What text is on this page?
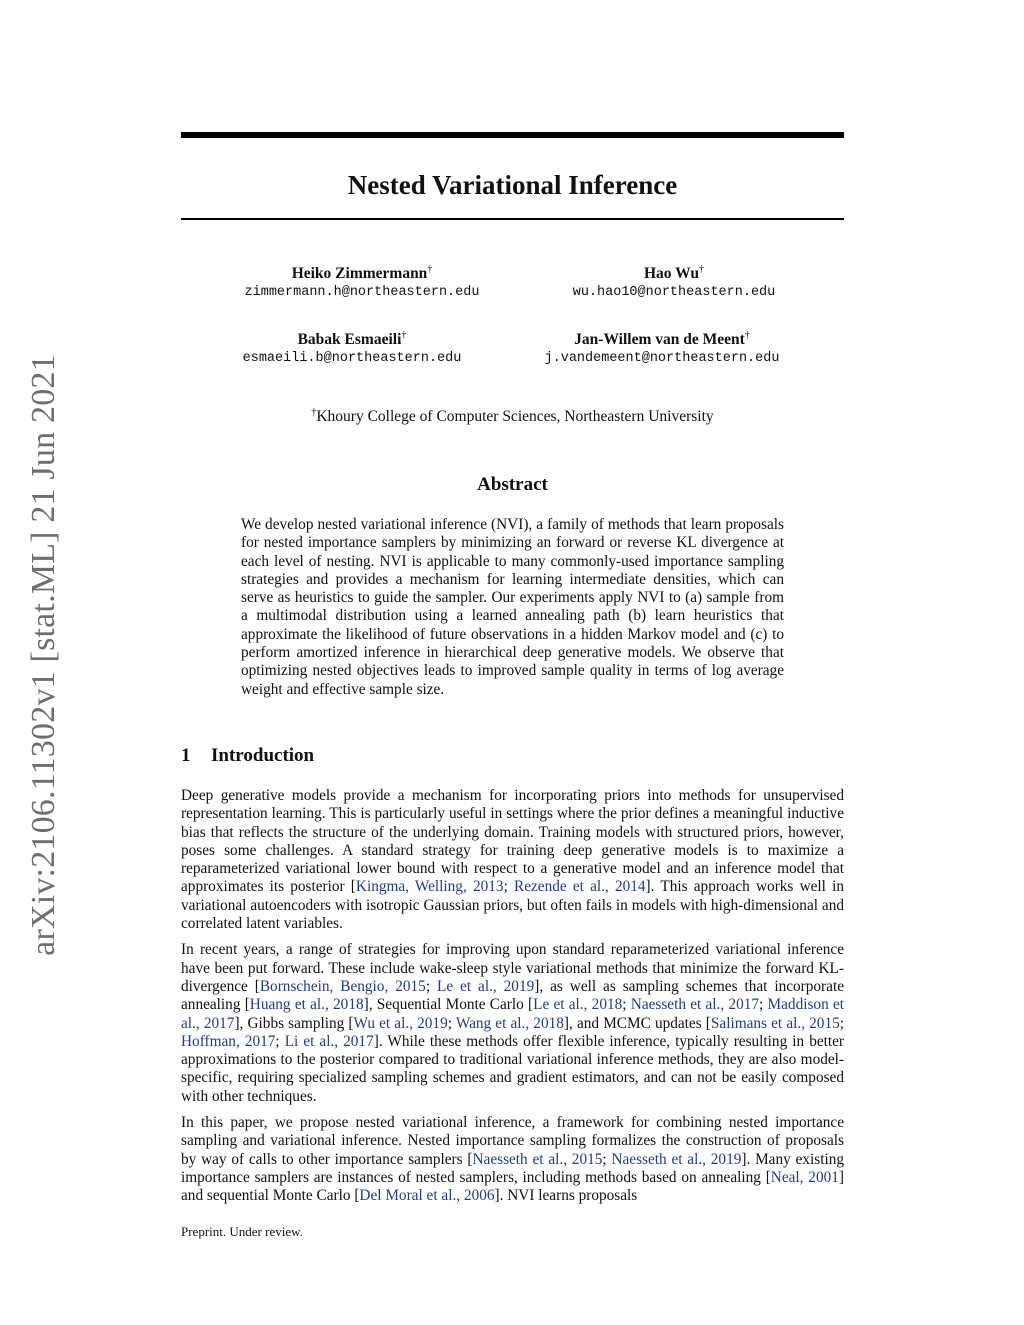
arXiv:2106.11302v1 [stat.ML] 21 Jun 2021
Nested Variational Inference
Heiko Zimmermann†
zimmermann.h@northeastern.edu
Hao Wu†
wu.hao10@northeastern.edu
Babak Esmaeili†
esmaeili.b@northeastern.edu
Jan-Willem van de Meent†
j.vandemeent@northeastern.edu
†Khoury College of Computer Sciences, Northeastern University
Abstract
We develop nested variational inference (NVI), a family of methods that learn proposals for nested importance samplers by minimizing an forward or reverse KL divergence at each level of nesting. NVI is applicable to many commonly-used importance sampling strategies and provides a mechanism for learning intermediate densities, which can serve as heuristics to guide the sampler. Our experiments apply NVI to (a) sample from a multimodal distribution using a learned annealing path (b) learn heuristics that approximate the likelihood of future observations in a hidden Markov model and (c) to perform amortized inference in hierarchical deep generative models. We observe that optimizing nested objectives leads to improved sample quality in terms of log average weight and effective sample size.
1 Introduction
Deep generative models provide a mechanism for incorporating priors into methods for unsupervised representation learning. This is particularly useful in settings where the prior defines a meaningful inductive bias that reflects the structure of the underlying domain. Training models with structured priors, however, poses some challenges. A standard strategy for training deep generative models is to maximize a reparameterized variational lower bound with respect to a generative model and an inference model that approximates its posterior [Kingma, Welling, 2013; Rezende et al., 2014]. This approach works well in variational autoencoders with isotropic Gaussian priors, but often fails in models with high-dimensional and correlated latent variables.
In recent years, a range of strategies for improving upon standard reparameterized variational inference have been put forward. These include wake-sleep style variational methods that minimize the forward KL-divergence [Bornschein, Bengio, 2015; Le et al., 2019], as well as sampling schemes that incorporate annealing [Huang et al., 2018], Sequential Monte Carlo [Le et al., 2018; Naesseth et al., 2017; Maddison et al., 2017], Gibbs sampling [Wu et al., 2019; Wang et al., 2018], and MCMC updates [Salimans et al., 2015; Hoffman, 2017; Li et al., 2017]. While these methods offer flexible inference, typically resulting in better approximations to the posterior compared to traditional variational inference methods, they are also model-specific, requiring specialized sampling schemes and gradient estimators, and can not be easily composed with other techniques.
In this paper, we propose nested variational inference, a framework for combining nested importance sampling and variational inference. Nested importance sampling formalizes the construction of proposals by way of calls to other importance samplers [Naesseth et al., 2015; Naesseth et al., 2019]. Many existing importance samplers are instances of nested samplers, including methods based on annealing [Neal, 2001] and sequential Monte Carlo [Del Moral et al., 2006]. NVI learns proposals
Preprint. Under review.
